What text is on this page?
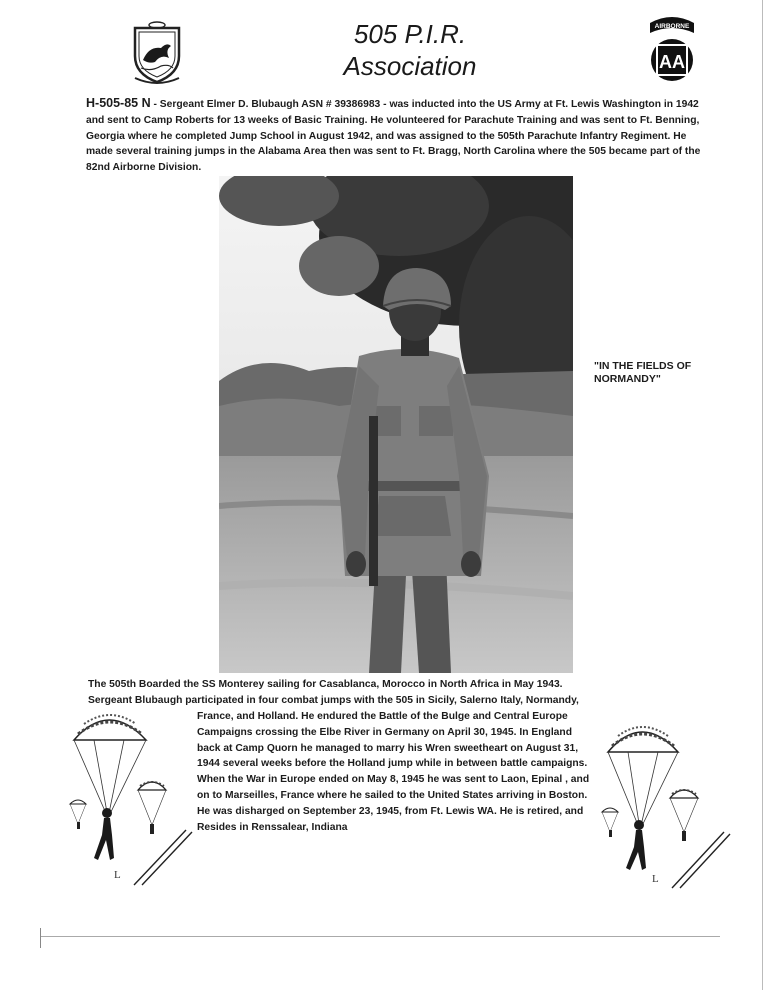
505 P.I.R.
Association
AIRBORNE
AA
H-505-85 N - Sergeant Elmer D. Blubaugh ASN # 39386983 - was inducted into the US Army at Ft. Lewis Washington in 1942 and sent to Camp Roberts for 13 weeks of Basic Training. He volunteered for Parachute Training and was sent to Ft. Benning, Georgia where he completed Jump School in August 1942, and was assigned to the 505th Parachute Infantry Regiment. He made several training jumps in the Alabama Area then was sent to Ft. Bragg, North Carolina where the 505 became part of the 82nd Airborne Division.
"IN THE FIELDS OF NORMANDY"
The 505th Boarded the SS Monterey sailing for Casablanca, Morocco in North Africa in May 1943.
Sergeant Blubaugh participated in four combat jumps with the 505 in Sicily, Salerno Italy, Normandy,
France, and Holland. He endured the Battle of the Bulge and Central Europe Campaigns crossing the Elbe River in Germany on April 30, 1945. In England back at Camp Quorn he managed to marry his Wren sweetheart on August 31, 1944 several weeks before the Holland jump while in between battle campaigns. When the War in Europe ended on May 8, 1945 he was sent to Laon, Epinal , and on to Marseilles, France where he sailed to the United States arriving in Boston. He was disharged on September 23, 1945, from Ft. Lewis WA. He is retired, and Resides in Renssalear, Indiana
L	L
